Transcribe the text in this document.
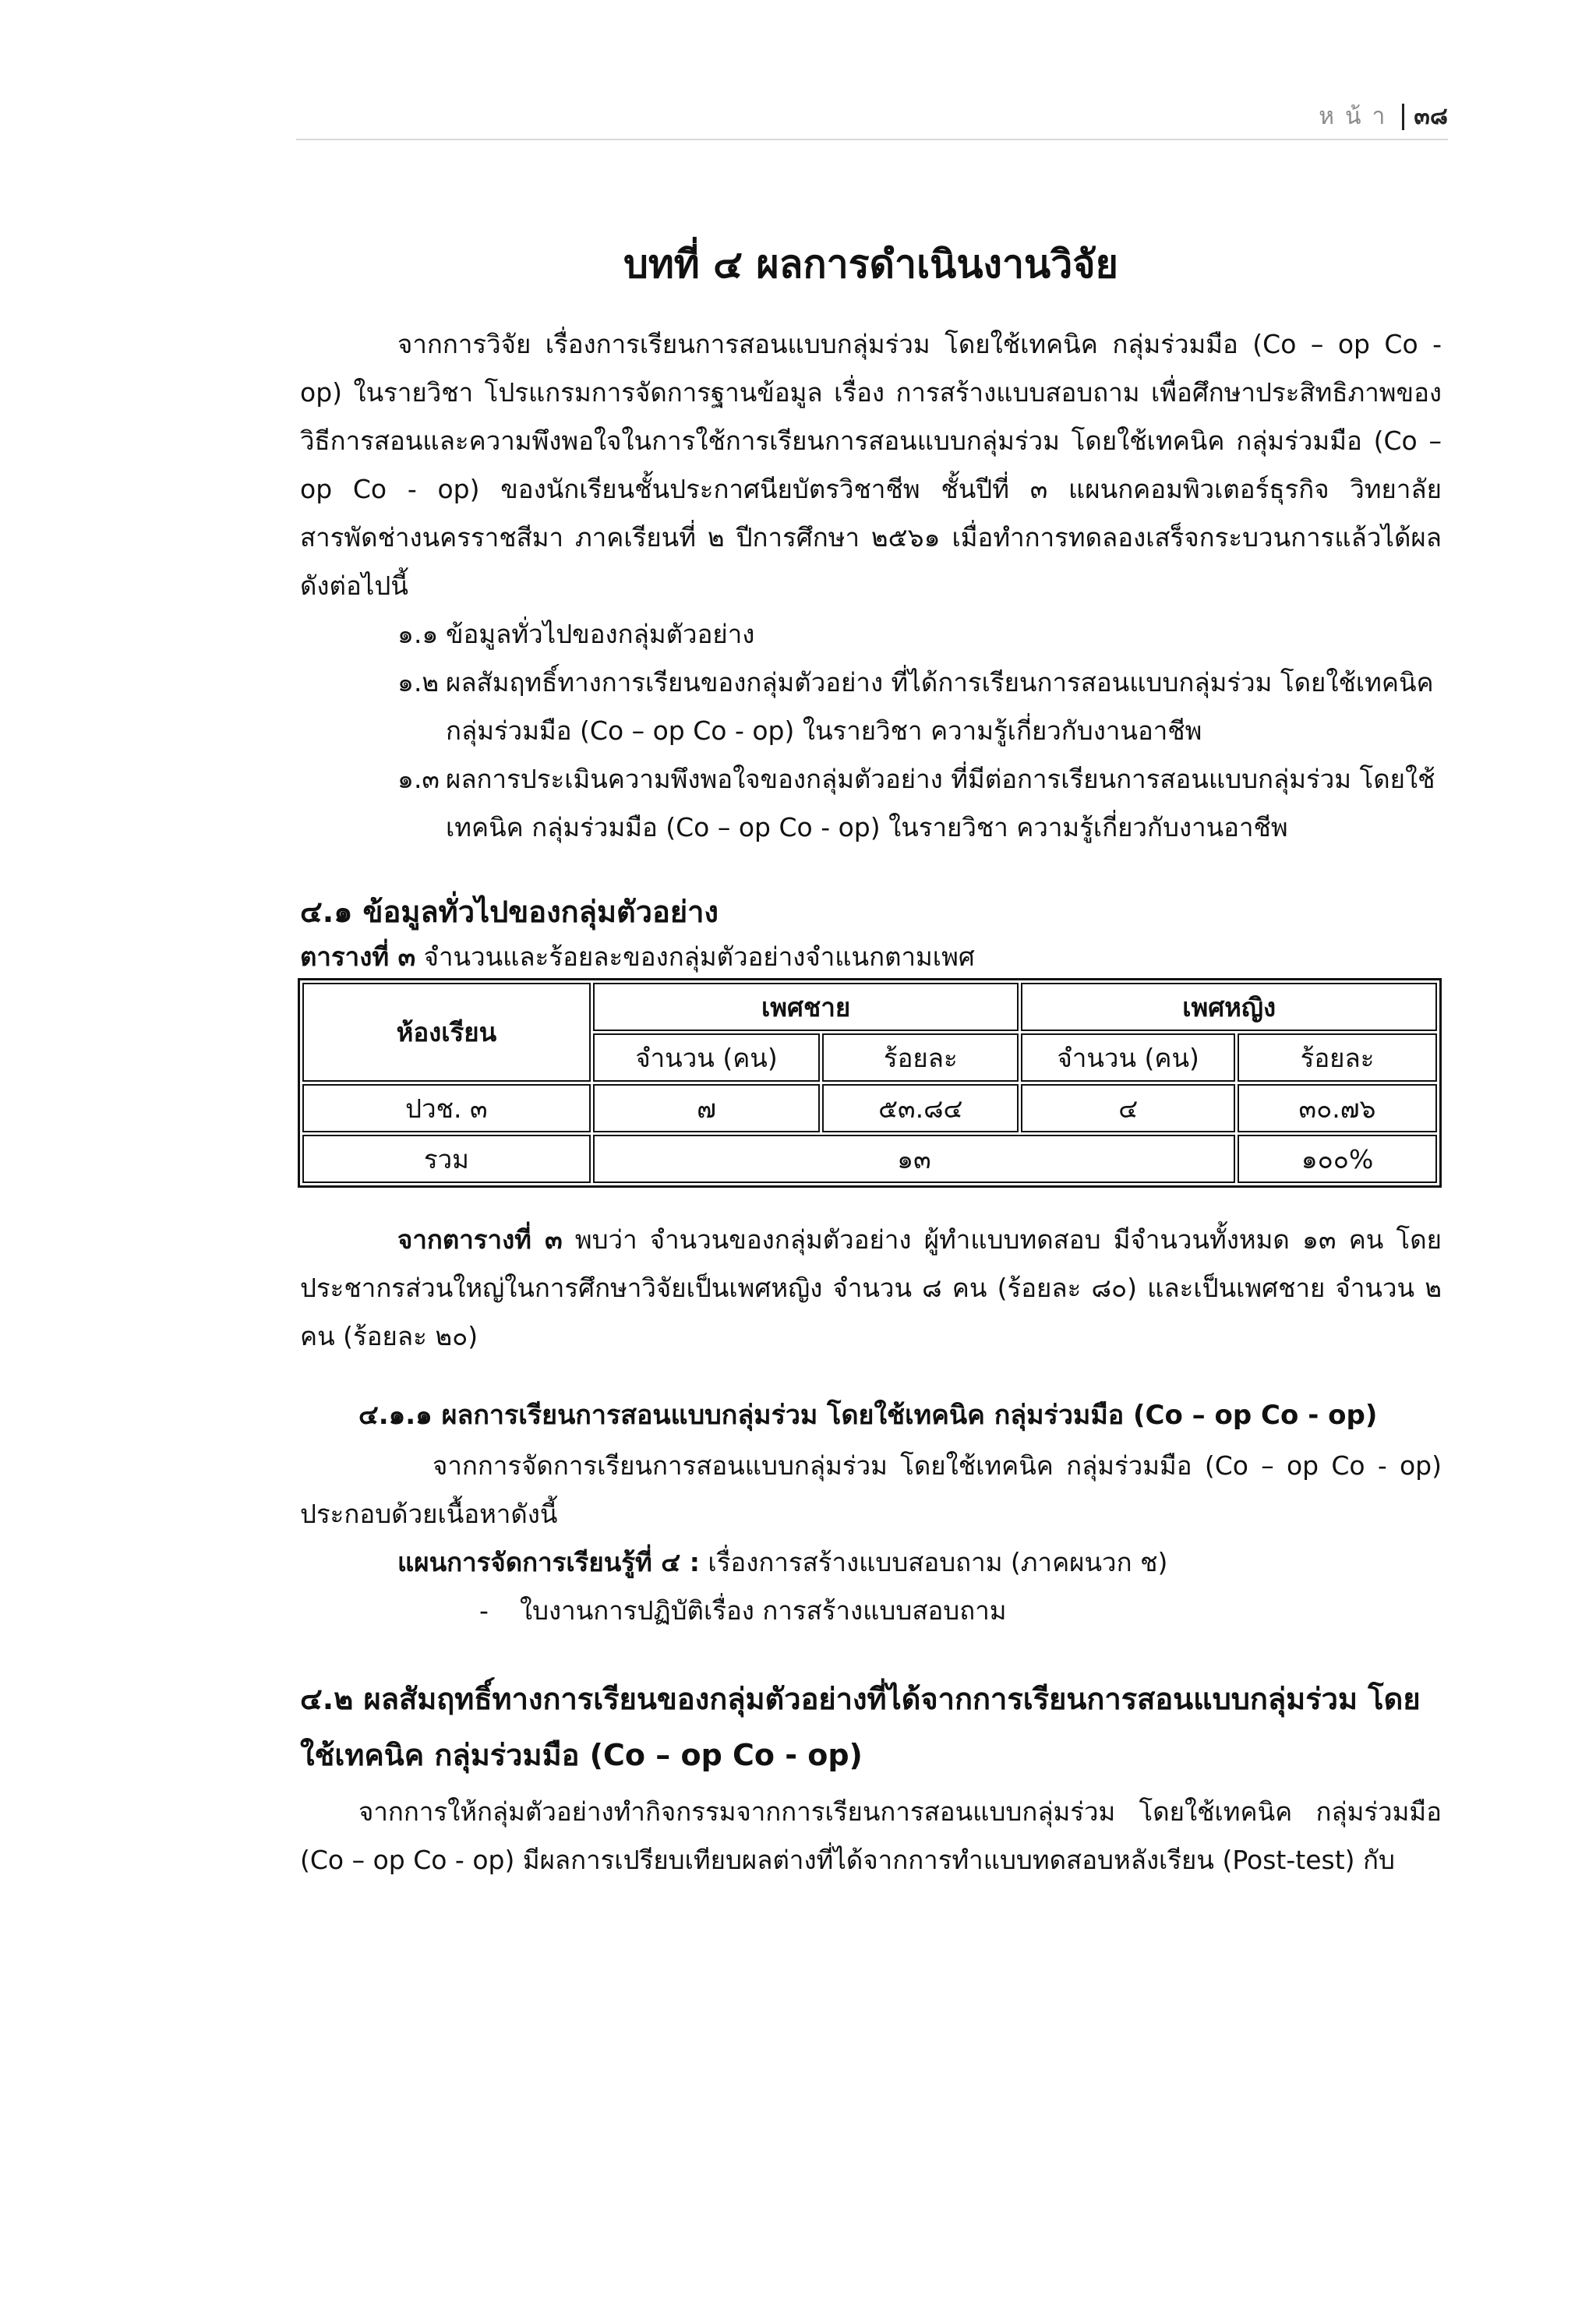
หน้า ๓๘
บทที่ ๔ ผลการดำเนินงานวิจัย

จากการวิจัย เรื่องการเรียนการสอนแบบกลุ่มร่วม โดยใช้เทคนิค กลุ่มร่วมมือ (Co – op Co - op) ในรายวิชา โปรแกรมการจัดการฐานข้อมูล เรื่อง การสร้างแบบสอบถาม เพื่อศึกษาประสิทธิภาพของวิธีการสอนและความพึงพอใจในการใช้การเรียนการสอนแบบกลุ่มร่วม โดยใช้เทคนิค กลุ่มร่วมมือ (Co – op Co - op) ของนักเรียนชั้นประกาศนียบัตรวิชาชีพ ชั้นปีที่ ๓ แผนกคอมพิวเตอร์ธุรกิจ วิทยาลัยสารพัดช่างนครราชสีมา ภาคเรียนที่ ๒ ปีการศึกษา ๒๕๖๑ เมื่อทำการทดลองเสร็จกระบวนการแล้วได้ผลดังต่อไปนี้

๑.๑ ข้อมูลทั่วไปของกลุ่มตัวอย่าง
๑.๒ ผลสัมฤทธิ์ทางการเรียนของกลุ่มตัวอย่าง ที่ได้การเรียนการสอนแบบกลุ่มร่วม โดยใช้เทคนิค กลุ่มร่วมมือ (Co – op Co - op) ในรายวิชา ความรู้เกี่ยวกับงานอาชีพ
๑.๓ ผลการประเมินความพึงพอใจของกลุ่มตัวอย่าง ที่มีต่อการเรียนการสอนแบบกลุ่มร่วม โดยใช้เทคนิค กลุ่มร่วมมือ (Co – op Co - op) ในรายวิชา ความรู้เกี่ยวกับงานอาชีพ
๔.๑ ข้อมูลทั่วไปของกลุ่มตัวอย่าง
ตารางที่ ๓ จำนวนและร้อยละของกลุ่มตัวอย่างจำแนกตามเพศ
ห้องเรียน	เพศชาย		เพศหญิง	
	จำนวน (คน)	ร้อยละ	จำนวน (คน)	ร้อยละ
ปวช. ๓	๗	๕๓.๘๔	๔	๓๐.๗๖
รวม	๑๓			๑๐๐%

จากตารางที่ ๓ พบว่า จำนวนของกลุ่มตัวอย่าง ผู้ทำแบบทดสอบ มีจำนวนทั้งหมด ๑๓ คน โดยประชากรส่วนใหญ่ในการศึกษาวิจัยเป็นเพศหญิง จำนวน ๘ คน (ร้อยละ ๘๐) และเป็นเพศชาย จำนวน ๒ คน (ร้อยละ ๒๐)

๔.๑.๑ ผลการเรียนการสอนแบบกลุ่มร่วม โดยใช้เทคนิค กลุ่มร่วมมือ (Co – op Co - op)

จากการจัดการเรียนการสอนแบบกลุ่มร่วม โดยใช้เทคนิค กลุ่มร่วมมือ (Co – op Co - op) ประกอบด้วยเนื้อหาดังนี้

แผนการจัดการเรียนรู้ที่ ๔ : เรื่องการสร้างแบบสอบถาม (ภาคผนวก ช)
-	ใบงานการปฏิบัติเรื่อง การสร้างแบบสอบถาม
๔.๒ ผลสัมฤทธิ์ทางการเรียนของกลุ่มตัวอย่างที่ได้จากการเรียนการสอนแบบกลุ่มร่วม โดยใช้เทคนิค กลุ่มร่วมมือ (Co – op Co - op)

จากการให้กลุ่มตัวอย่างทำกิจกรรมจากการเรียนการสอนแบบกลุ่มร่วม โดยใช้เทคนิค กลุ่มร่วมมือ (Co – op Co - op) มีผลการเปรียบเทียบผลต่างที่ได้จากการทำแบบทดสอบหลังเรียน (Post-test) กับ
